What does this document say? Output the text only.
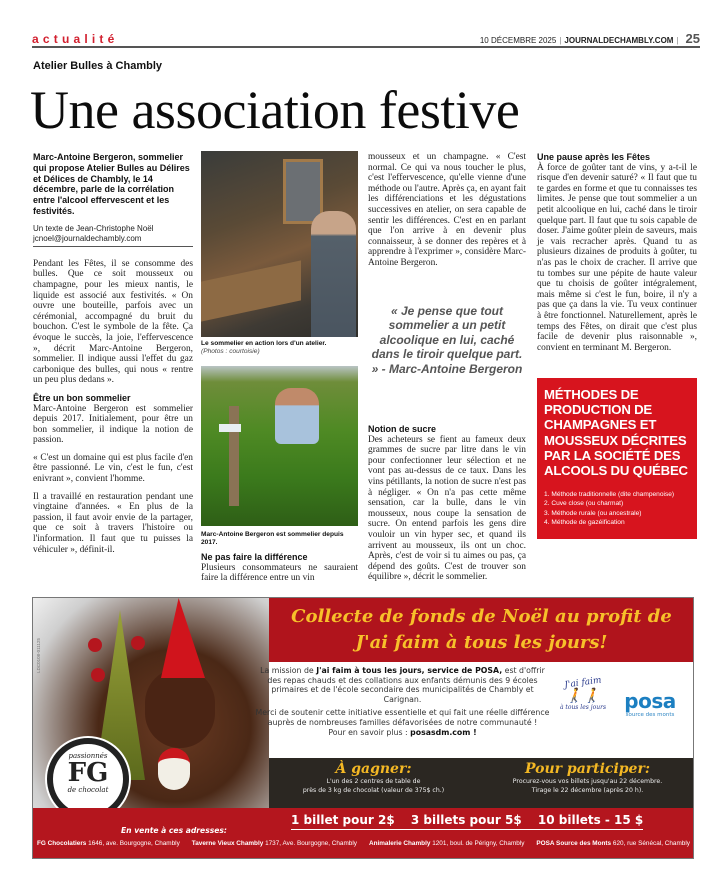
actualité	10 DÉCEMBRE 2025 | JOURNALDECHAMBLY.COM | 25
Atelier Bulles à Chambly
Une association festive
Marc-Antoine Bergeron, sommelier qui propose Atelier Bulles au Délires et Délices de Chambly, le 14 décembre, parle de la corrélation entre l'alcool effervescent et les festivités.
Un texte de Jean-Christophe Noël
jcnoel@journaldechambly.com

Pendant les Fêtes, il se consomme des bulles. Que ce soit mousseux ou champagne, pour les mieux nantis, le liquide est associé aux festivités. « On ouvre une bouteille, parfois avec un cérémonial, accompagné du bruit du bouchon. C'est le symbole de la fête. Ça évoque le succès, la joie, l'effervescence », décrit Marc-Antoine Bergeron, sommelier. Il indique aussi l'effet du gaz carbonique des bulles, qui nous « rentre un peu plus dedans ».

Être un bon sommelier

Marc-Antoine Bergeron est sommelier depuis 2017. Initialement, pour être un bon sommelier, il indique la notion de passion.

« C'est un domaine qui est plus facile d'en être passionné. Le vin, c'est le fun, c'est enivrant », convient l'homme.

Il a travaillé en restauration pendant une vingtaine d'années. « En plus de la passion, il faut avoir envie de la partager, que ce soit à travers l'histoire ou l'information. Il faut que tu puisses la véhiculer », définit-il.

Le sommelier en action lors d'un atelier.
(Photos : courtoisie)
Marc-Antoine Bergeron est sommelier depuis 2017.
Ne pas faire la différence

Plusieurs consommateurs ne sauraient faire la différence entre un vin

mousseux et un champagne. « C'est normal. Ce qui va nous toucher le plus, c'est l'effervescence, qu'elle vienne d'une méthode ou l'autre. Après ça, en ayant fait les différenciations et les dégustations successives en atelier, on sera capable de sentir les différences. C'est en en parlant que l'on arrive à en devenir plus connaisseur, à se donner des repères et à apprendre à l'exprimer », considère Marc-Antoine Bergeron.

« Je pense que tout sommelier a un petit alcoolique en lui, caché dans le tiroir quelque part. » - Marc-Antoine Bergeron
Notion de sucre

Des acheteurs se fient au fameux deux grammes de sucre par litre dans le vin pour confectionner leur sélection et ne vont pas au-dessus de ce taux. Dans les vins pétillants, la notion de sucre n'est pas à négliger. « On n'a pas cette même sensation, car la bulle, dans le vin mousseux, nous coupe la sensation de sucre. On entend parfois les gens dire vouloir un vin hyper sec, et quand ils arrivent au mousseux, ils ont un choc. Après, c'est de voir si tu aimes ou pas, ça dépend des goûts. C'est de trouver son équilibre », décrit le sommelier.

Une pause après les Fêtes

À force de goûter tant de vins, y a-t-il le risque d'en devenir saturé? « Il faut que tu te gardes en forme et que tu connaisses tes limites. Je pense que tout sommelier a un petit alcoolique en lui, caché dans le tiroir quelque part. Il faut que tu sois capable de doser. J'aime goûter plein de saveurs, mais je vais recracher après. Quand tu as plusieurs dizaines de produits à goûter, tu n'as pas le choix de cracher. Il arrive que tu tombes sur une pépite de haute valeur que tu choisis de goûter intégralement, mais même si c'est le fun, boire, il n'y a pas que ça dans la vie. Tu veux continuer à être fonctionnel. Naturellement, après le temps des Fêtes, on dirait que c'est plus facile de devenir plus raisonnable », convient en terminant M. Bergeron.

MÉTHODES DE PRODUCTION DE CHAMPAGNES ET MOUSSEUX DÉCRITES PAR LA SOCIÉTÉ DES ALCOOLS DU QUÉBEC
1. Méthode traditionnelle (dite champenoise)
2. Cuve close (ou charmat)
3. Méthode rurale (ou ancestrale)
4. Méthode de gazéification
LDC0108-011125
passionnés
FG
de chocolat
Collecte de fonds de Noël au profit de
J'ai faim à tous les jours!

La mission de J'ai faim à tous les jours, service de POSA, est d'offrir des repas chauds et des collations aux enfants démunis des 9 écoles primaires et de l'école secondaire des municipalités de Chambly et Carignan.

Merci de soutenir cette initiative essentielle et qui fait une réelle différence auprès de nombreuses familles défavorisées de notre communauté !

Pour en savoir plus : posasdm.com !
J'ai faim
🚶🚶
à tous les jours posa
source des monts
À gagner:
L'un des 2 centres de table de
près de 3 kg de chocolat (valeur de 375$ ch.)
Pour participer:
Procurez-vous vos billets jusqu'au 22 décembre.
Tirage le 22 décembre (après 20 h).
1 billet pour 2$ 3 billets pour 5$ 10 billets - 15 $
En vente à ces adresses:
FG Chocolatiers 1646, ave. Bourgogne, Chambly Taverne Vieux Chambly 1737, Ave. Bourgogne, Chambly Animalerie Chambly 1201, boul. de Périgny, Chambly POSA Source des Monts 620, rue Sénécal, Chambly
